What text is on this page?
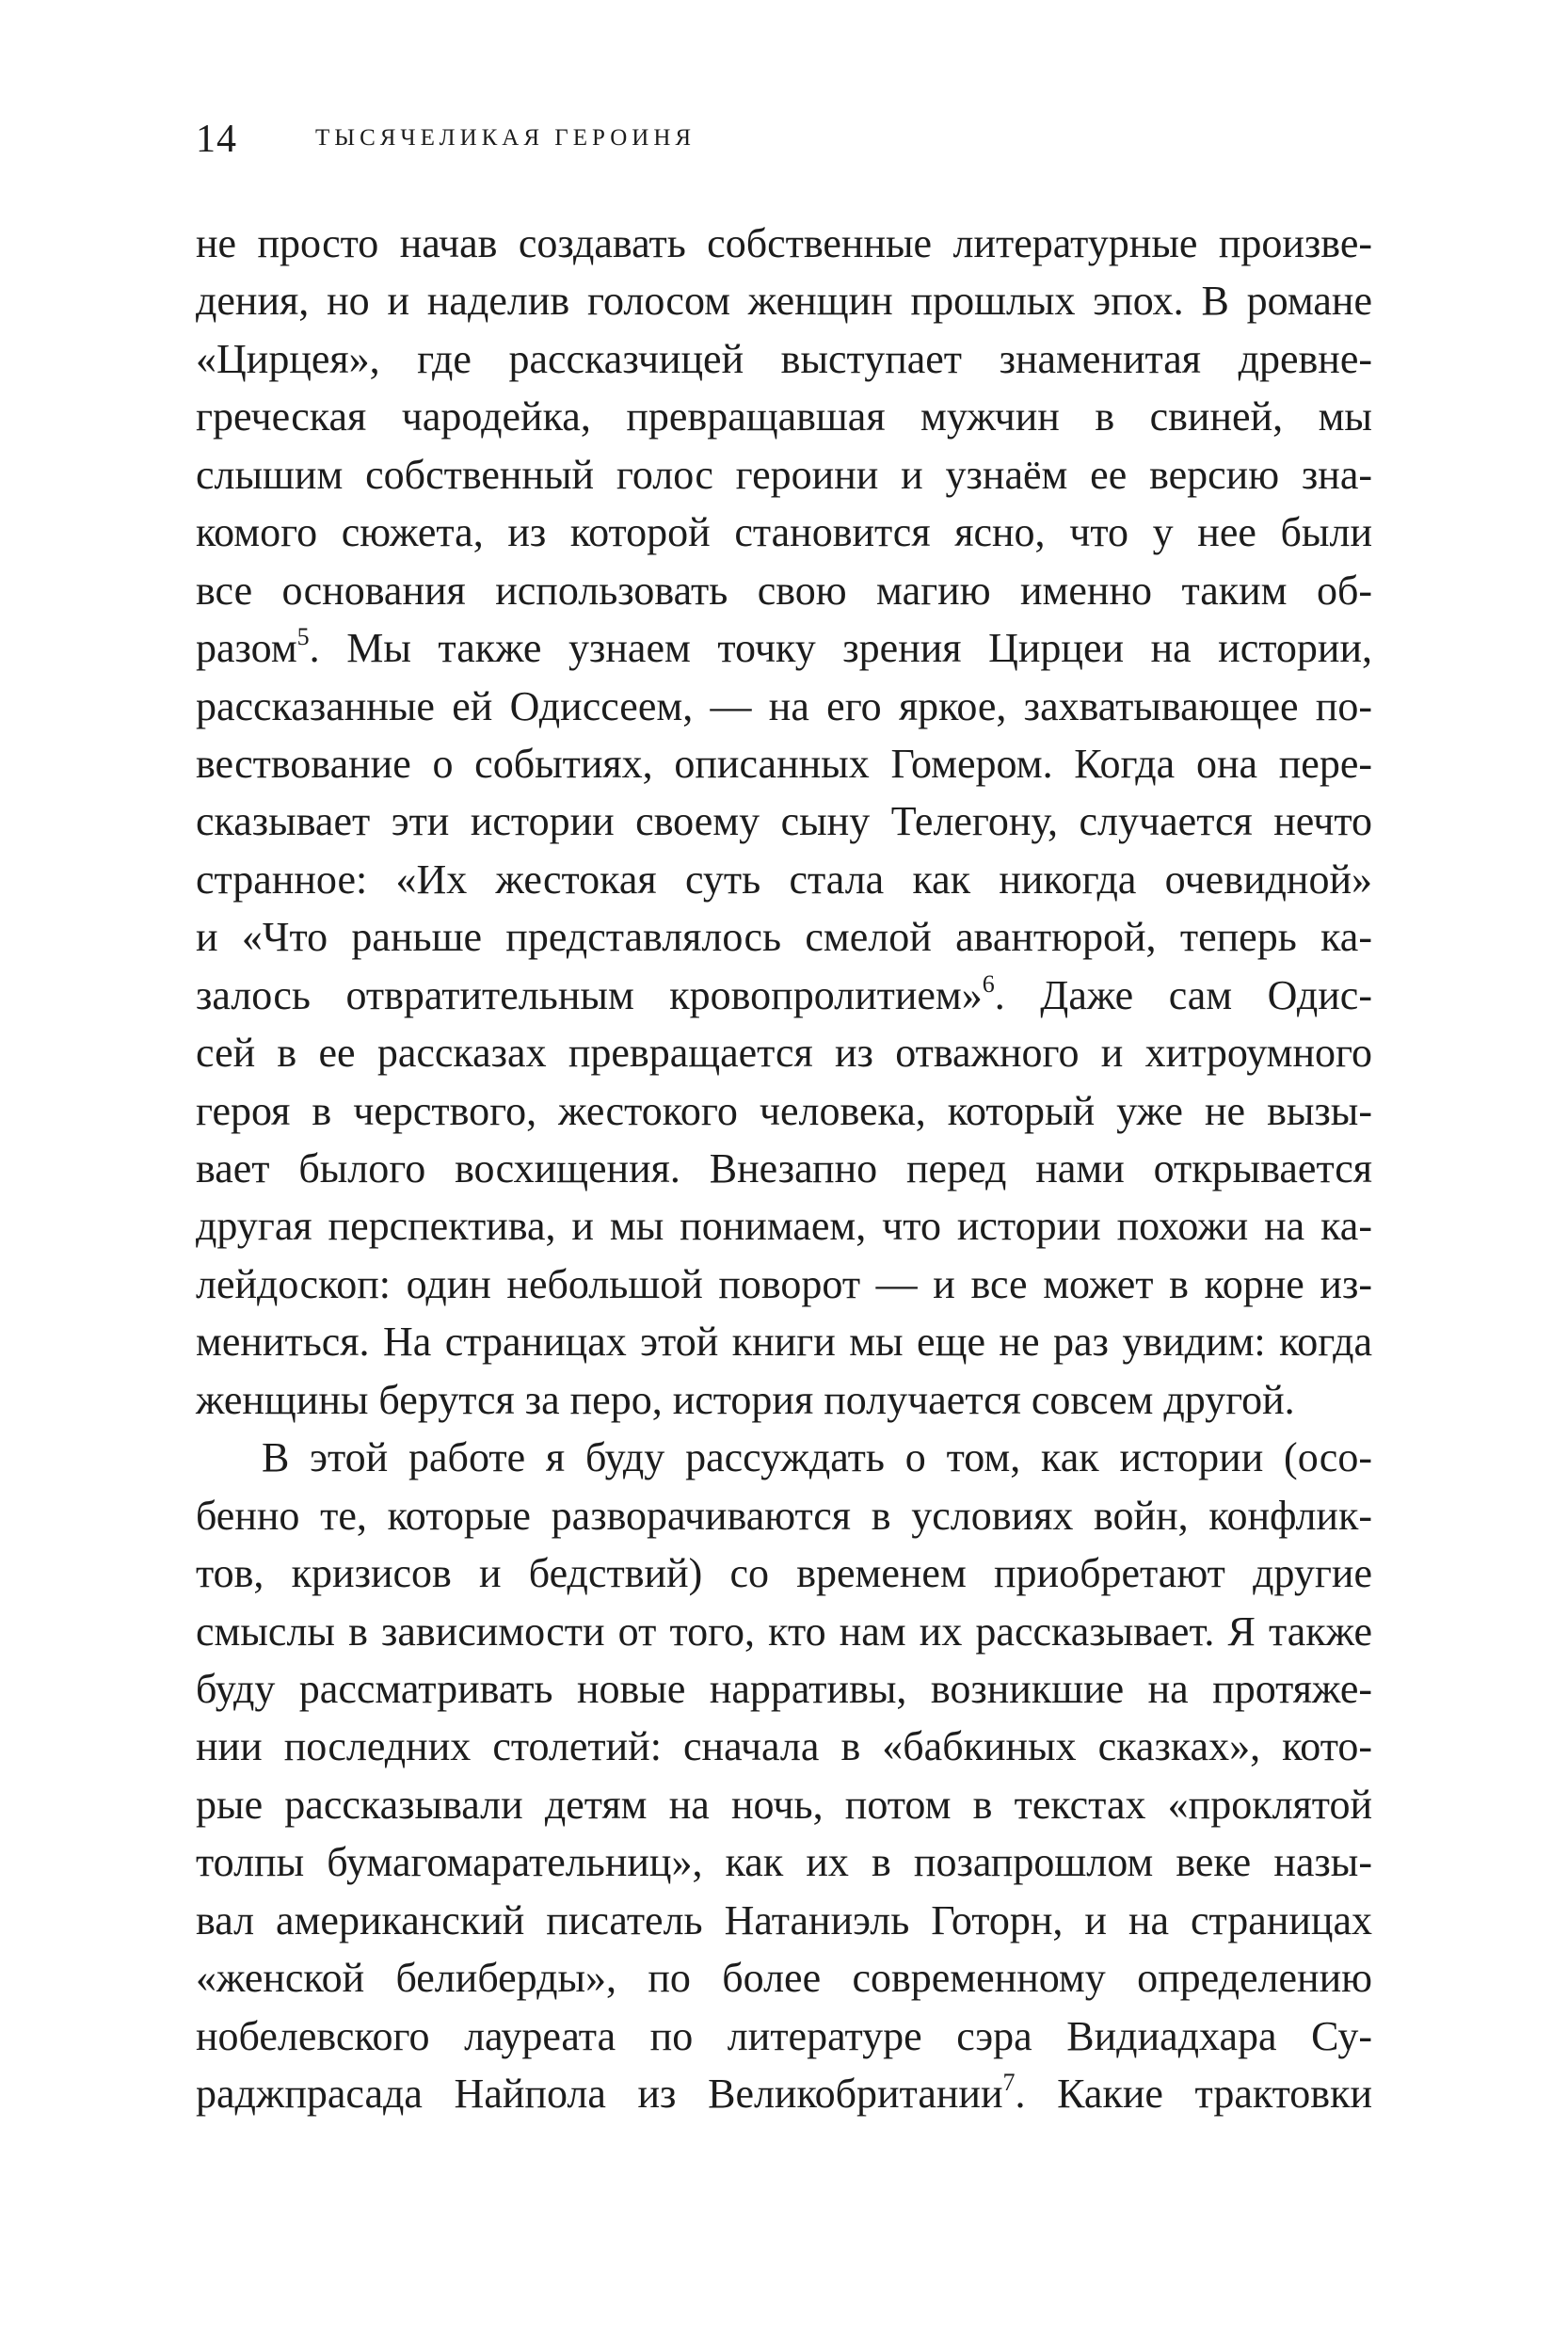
14	ТЫСЯЧЕЛИКАЯ ГЕРОИНЯ
не просто начав создавать собственные литературные произве-
дения, но и наделив голосом женщин прошлых эпох. В романе
«Цирцея», где рассказчицей выступает знаменитая древне-
греческая чародейка, превращавшая мужчин в свиней, мы
слышим собственный голос героини и узнаём ее версию зна-
комого сюжета, из которой становится ясно, что у нее были
все основания использовать свою магию именно таким об-
разом$^5$. Мы также узнаем точку зрения Цирцеи на истории,
рассказанные ей Одиссеем, — на его яркое, захватывающее по-
вествование о событиях, описанных Гомером. Когда она пере-
сказывает эти истории своему сыну Телегону, случается нечто
странное: «Их жестокая суть стала как никогда очевидной»
и «Что раньше представлялось смелой авантюрой, теперь ка-
залось отвратительным кровопролитием»$^6$. Даже сам Одис-
сей в ее рассказах превращается из отважного и хитроумного
героя в черствого, жестокого человека, который уже не вызы-
вает былого восхищения. Внезапно перед нами открывается
другая перспектива, и мы понимаем, что истории похожи на ка-
лейдоскоп: один небольшой поворот — и все может в корне из-
мениться. На страницах этой книги мы еще не раз увидим: когда
женщины берутся за перо, история получается совсем другой.
В этой работе я буду рассуждать о том, как истории (осо-
бенно те, которые разворачиваются в условиях войн, конфлик-
тов, кризисов и бедствий) со временем приобретают другие
смыслы в зависимости от того, кто нам их рассказывает. Я также
буду рассматривать новые нарративы, возникшие на протяже-
нии последних столетий: сначала в «бабкиных сказках», кото-
рые рассказывали детям на ночь, потом в текстах «проклятой
толпы бумагомарательниц», как их в позапрошлом веке назы-
вал американский писатель Натаниэль Готорн, и на страницах
«женской белиберды», по более современному определению
нобелевского лауреата по литературе сэра Видиадхара Су-
раджпрасада Найпола из Великобритании$^7$. Какие трактовки
